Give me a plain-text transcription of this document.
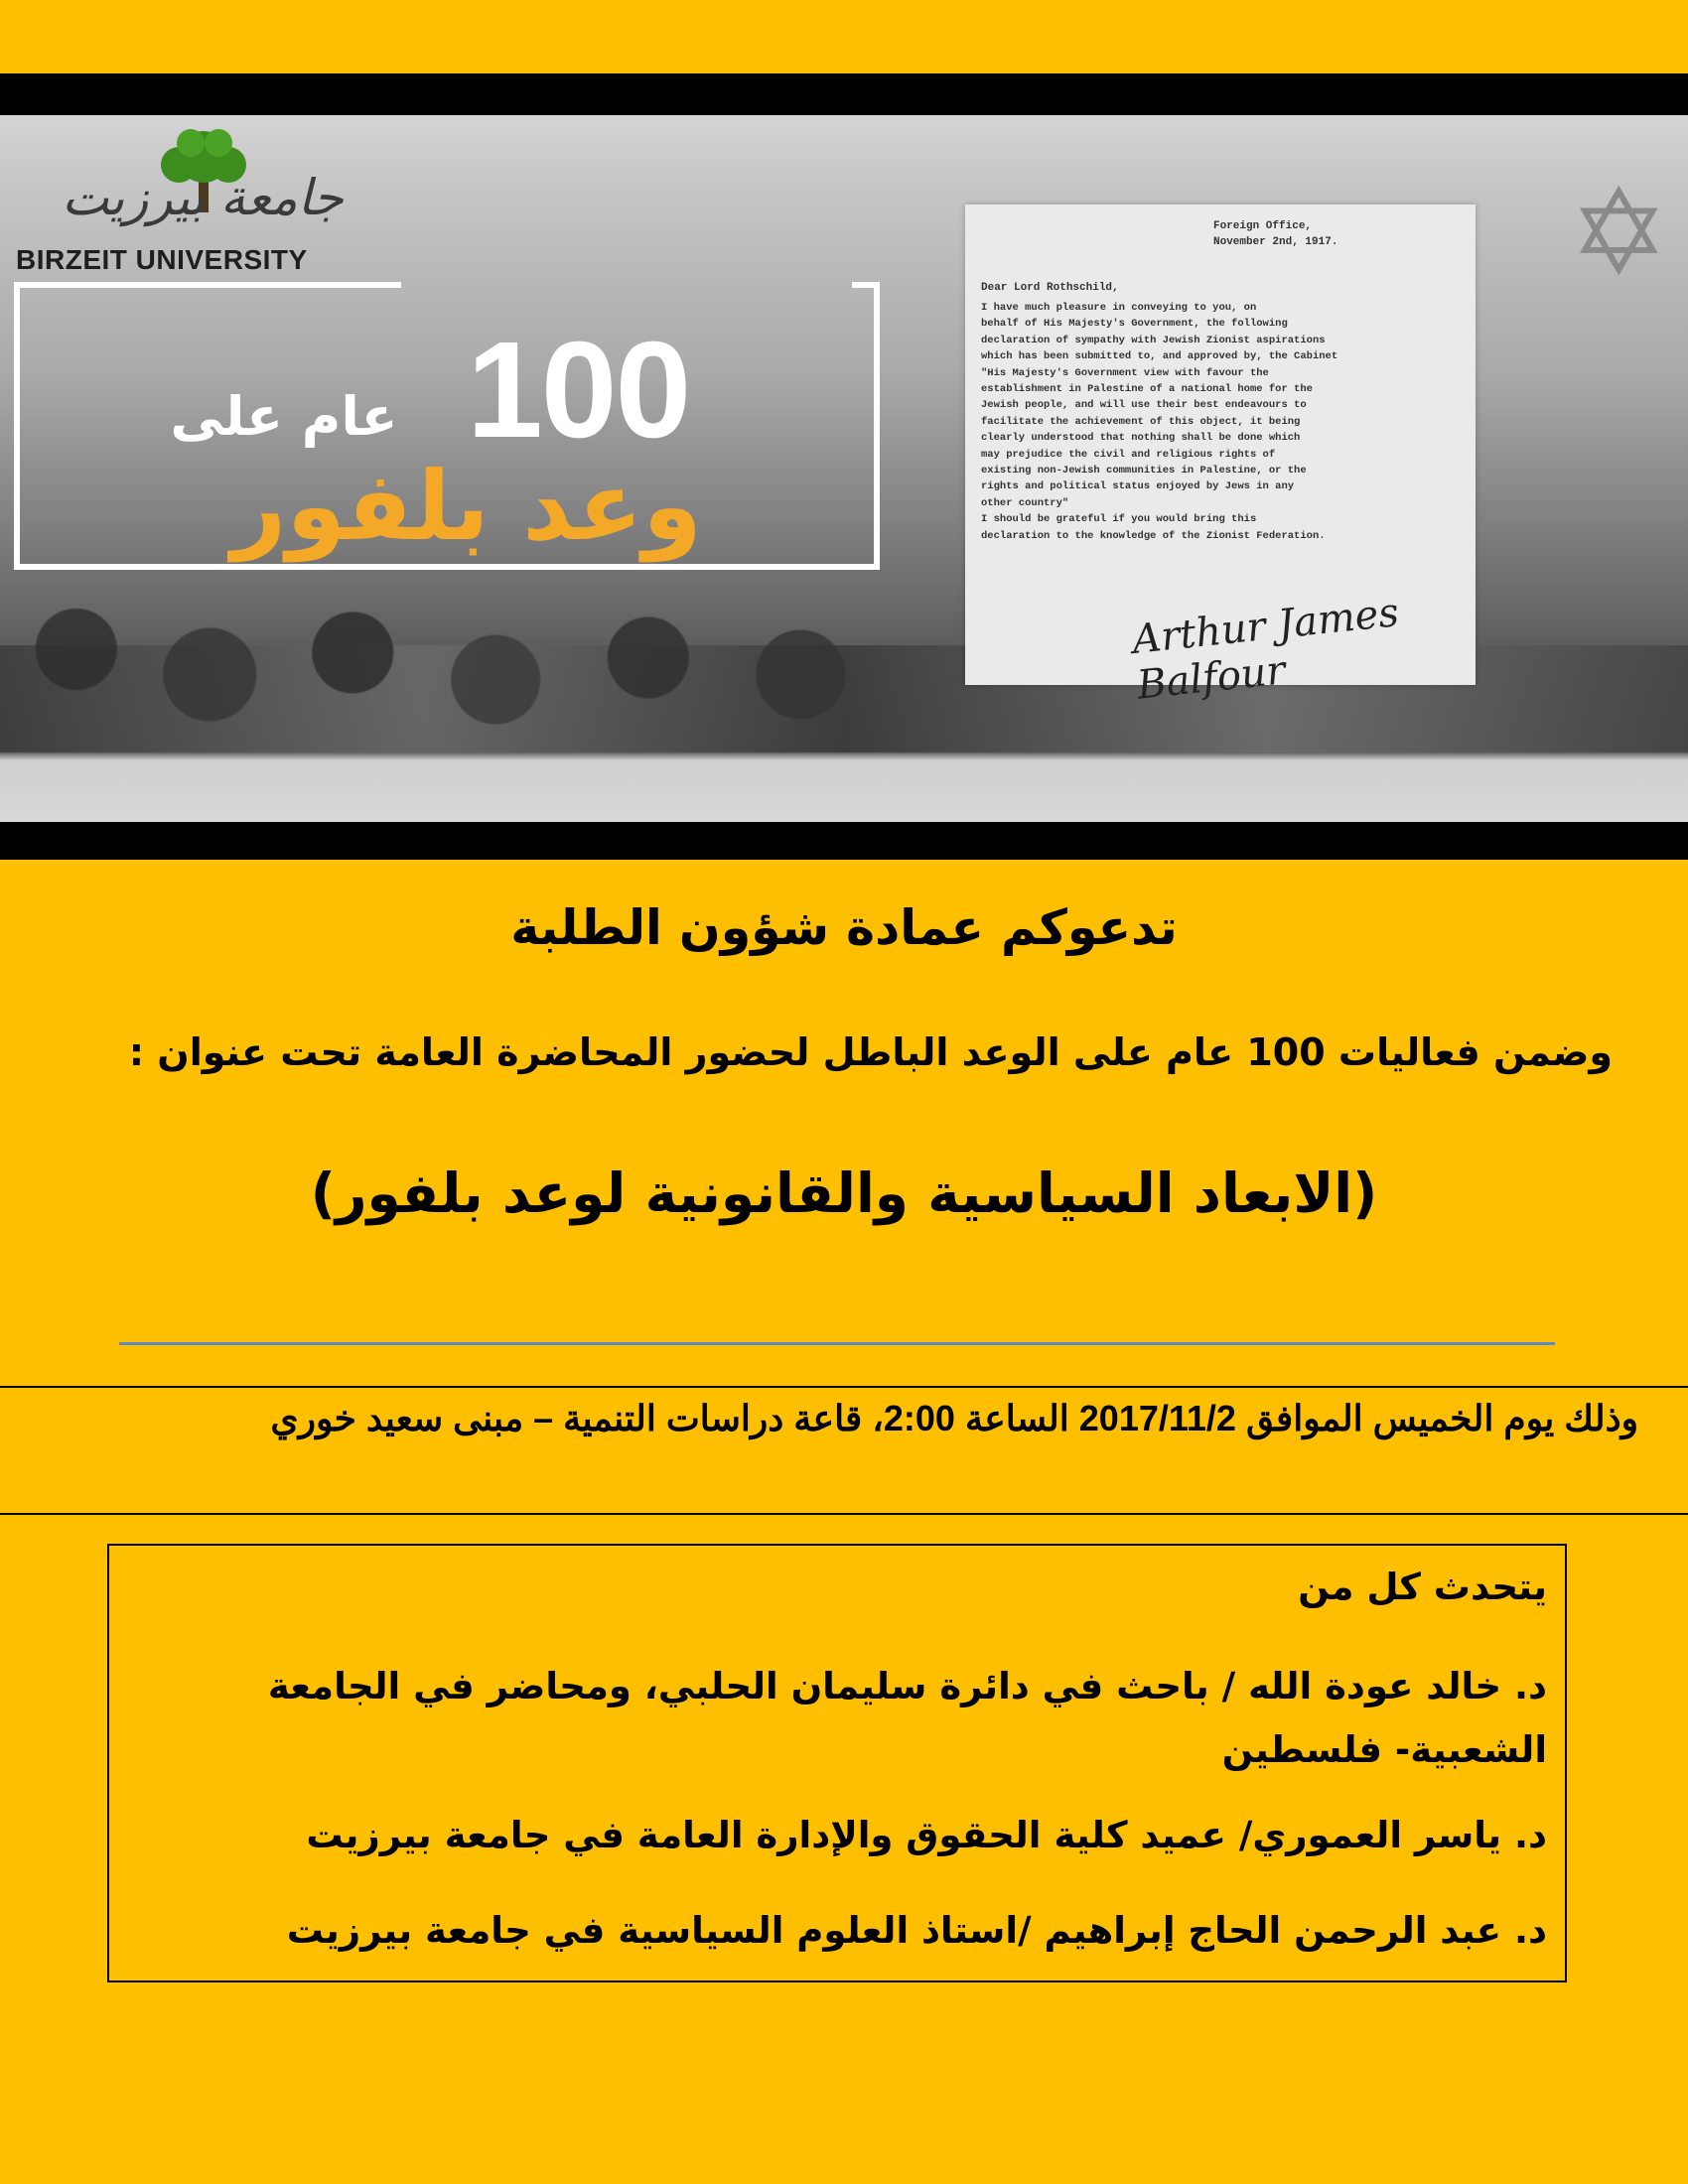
✡
جامعة بيرزيت
BIRZEIT UNIVERSITY
100
عام على
وعد بلفور
Foreign Office,
November 2nd, 1917.
Dear Lord Rothschild,
I have much pleasure in conveying to you, on
behalf of His Majesty's Government, the following
declaration of sympathy with Jewish Zionist aspirations
which has been submitted to, and approved by, the Cabinet
"His Majesty's Government view with favour the
establishment in Palestine of a national home for the
Jewish people, and will use their best endeavours to
facilitate the achievement of this object, it being
clearly understood that nothing shall be done which
may prejudice the civil and religious rights of
existing non-Jewish communities in Palestine, or the
rights and political status enjoyed by Jews in any
other country"
I should be grateful if you would bring this
declaration to the knowledge of the Zionist Federation.
Arthur James Balfour
تدعوكم عمادة شؤون الطلبة
وضمن فعاليات 100 عام على الوعد الباطل لحضور المحاضرة العامة تحت عنوان :
(الابعاد السياسية والقانونية لوعد بلفور)
وذلك يوم الخميس الموافق 2017/11/2 الساعة 2:00، قاعة دراسات التنمية – مبنى سعيد خوري
يتحدث كل من
د. خالد عودة الله / باحث في دائرة سليمان الحلبي، ومحاضر في الجامعة الشعبية- فلسطين
د. ياسر العموري/ عميد كلية الحقوق والإدارة العامة في جامعة بيرزيت
د. عبد الرحمن الحاج إبراهيم /استاذ العلوم السياسية في جامعة بيرزيت
